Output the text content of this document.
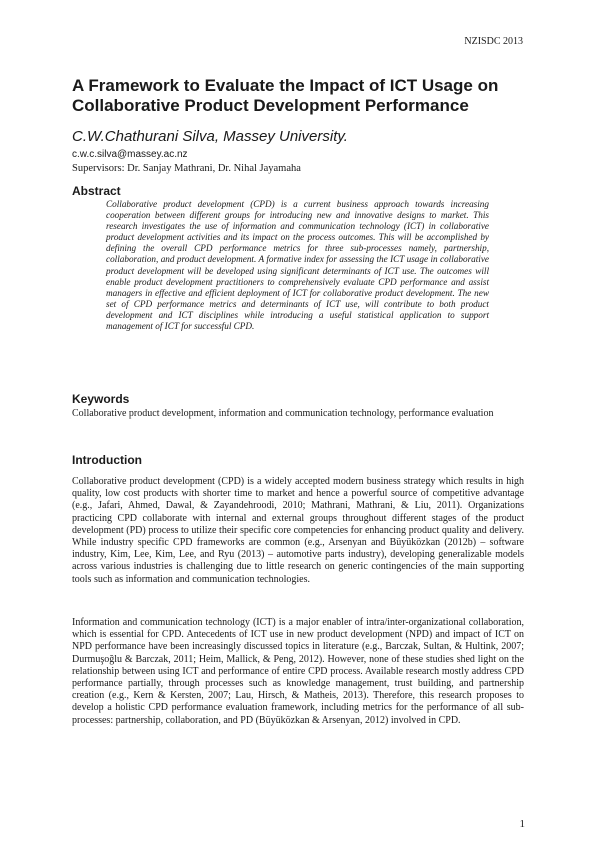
NZISDC 2013
A Framework to Evaluate the Impact of ICT Usage on Collaborative Product Development Performance
C.W.Chathurani Silva, Massey University.
c.w.c.silva@massey.ac.nz
Supervisors: Dr. Sanjay Mathrani, Dr. Nihal Jayamaha
Abstract
Collaborative product development (CPD) is a current business approach towards increasing cooperation between different groups for introducing new and innovative designs to market. This research investigates the use of information and communication technology (ICT) in collaborative product development activities and its impact on the process outcomes. This will be accomplished by defining the overall CPD performance metrics for three sub-processes namely, partnership, collaboration, and product development. A formative index for assessing the ICT usage in collaborative product development will be developed using significant determinants of ICT use. The outcomes will enable product development practitioners to comprehensively evaluate CPD performance and assist managers in effective and efficient deployment of ICT for collaborative product development. The new set of CPD performance metrics and determinants of ICT use, will contribute to both product development and ICT disciplines while introducing a useful statistical application to support management of ICT for successful CPD.
Keywords
Collaborative product development, information and communication technology, performance evaluation
Introduction
Collaborative product development (CPD) is a widely accepted modern business strategy which results in high quality, low cost products with shorter time to market and hence a powerful source of competitive advantage (e.g., Jafari, Ahmed, Dawal, & Zayandehroodi, 2010; Mathrani, Mathrani, & Liu, 2011). Organizations practicing CPD collaborate with internal and external groups throughout different stages of the product development (PD) process to utilize their specific core competencies for enhancing product quality and delivery. While industry specific CPD frameworks are common (e.g., Arsenyan and Büyüközkan (2012b) – software industry, Kim, Lee, Kim, Lee, and Ryu (2013) – automotive parts industry), developing generalizable models across various industries is challenging due to little research on generic contingencies of the main supporting tools such as information and communication technologies.
Information and communication technology (ICT) is a major enabler of intra/inter-organizational collaboration, which is essential for CPD. Antecedents of ICT use in new product development (NPD) and impact of ICT on NPD performance have been increasingly discussed topics in literature (e.g., Barczak, Sultan, & Hultink, 2007; Durmuşoğlu & Barczak, 2011; Heim, Mallick, & Peng, 2012). However, none of these studies shed light on the relationship between using ICT and performance of entire CPD process. Available research mostly address CPD performance partially, through processes such as knowledge management, trust building, and partnership creation (e.g., Kern & Kersten, 2007; Lau, Hirsch, & Matheis, 2013). Therefore, this research proposes to develop a holistic CPD performance evaluation framework, including metrics for the performance of all sub-processes: partnership, collaboration, and PD (Büyüközkan & Arsenyan, 2012) involved in CPD.
1
